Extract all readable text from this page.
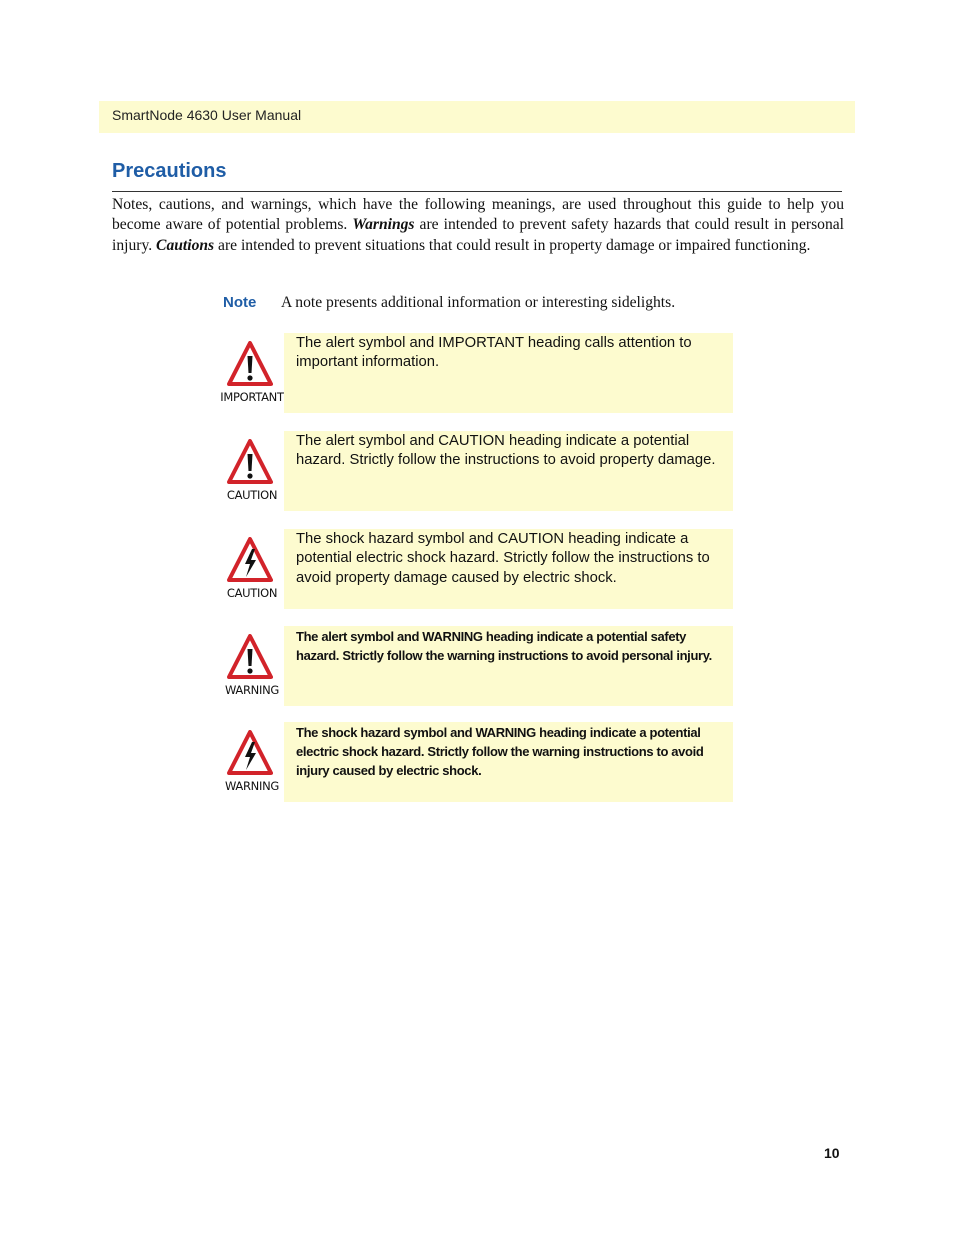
SmartNode 4630 User Manual
Precautions

Notes, cautions, and warnings, which have the following meanings, are used throughout this guide to help you become aware of potential problems. Warnings are intended to prevent safety hazards that could result in personal injury. Cautions are intended to prevent situations that could result in property damage or impaired functioning.

Note A note presents additional information or interesting sidelights.
IMPORTANT

The alert symbol and IMPORTANT heading calls attention to important information.

CAUTION

The alert symbol and CAUTION heading indicate a potential hazard. Strictly follow the instructions to avoid property damage.

CAUTION

The shock hazard symbol and CAUTION heading indicate a potential electric shock hazard. Strictly follow the instructions to avoid property damage caused by electric shock.

WARNING

The alert symbol and WARNING heading indicate a potential safety hazard. Strictly follow the warning instructions to avoid personal injury.

WARNING

The shock hazard symbol and WARNING heading indicate a potential electric shock hazard. Strictly follow the warning instructions to avoid injury caused by electric shock.

10
